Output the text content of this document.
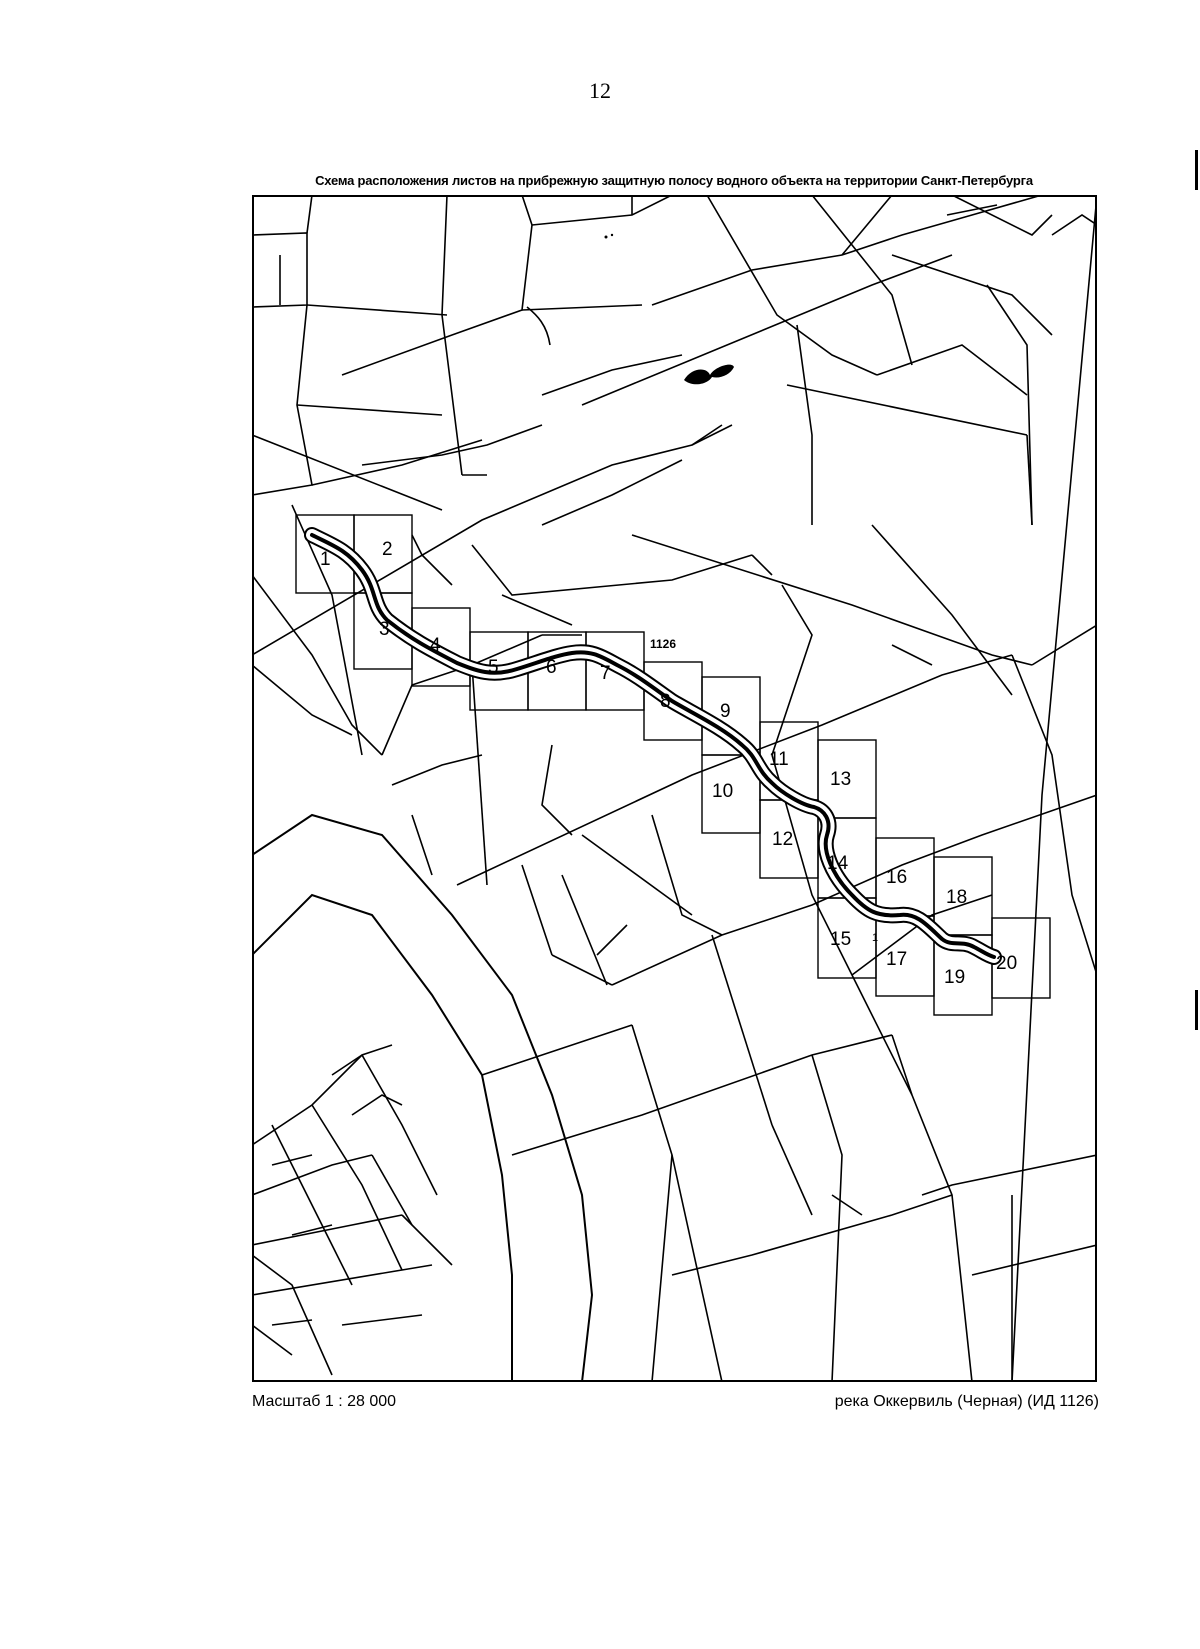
12
Схема расположения листов на прибрежную защитную полосу водного объекта на территории Санкт-Петербурга
1	2
3
4
5 6 7
8	9
10
11
12
13
14
15
16
17
18
19
20
1126
1
Масштаб 1 : 28 000	река Оккервиль (Черная) (ИД 1126)
